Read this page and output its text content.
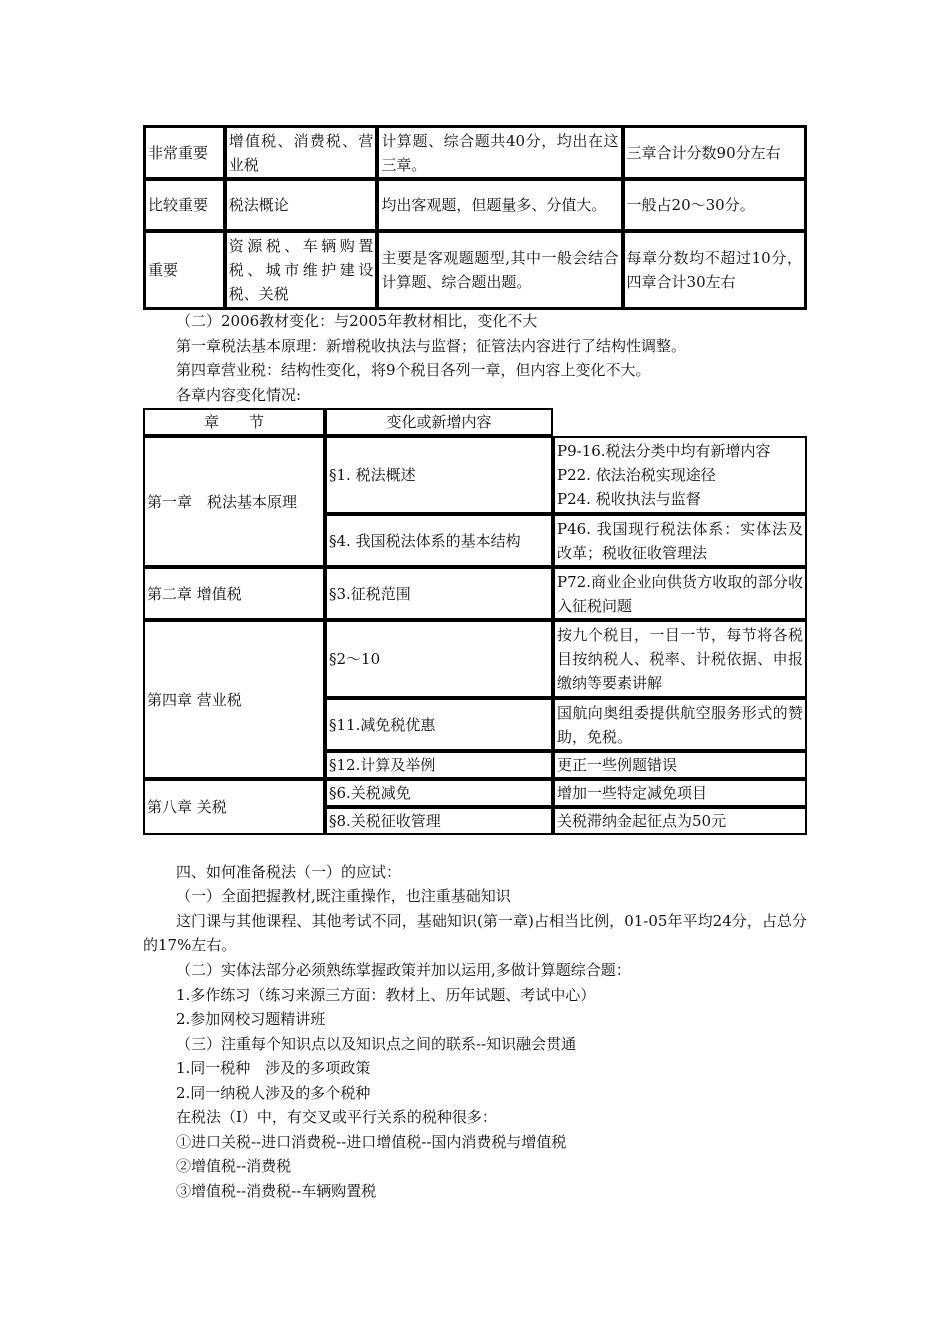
非常重要	增值税、消费税、营业税	计算题、综合题共40分，均出在这三章。	三章合计分数90分左右
比较重要	税法概论	均出客观题，但题量多、分值大。	一般占20～30分。
重要	资源税、车辆购置税、城市维护建设税、关税	主要是客观题题型,其中一般会结合计算题、综合题出题。	每章分数均不超过10分，四章合计30左右
（二）2006教材变化：与2005年教材相比，变化不大
第一章税法基本原理：新增税收执法与监督；征管法内容进行了结构性调整。
第四章营业税：结构性变化，将9个税目各列一章，但内容上变化不大。
各章内容变化情况:
章　　节	变化或新增内容	
第一章　税法基本原理	§1. 税法概述	P9-16.税法分类中均有新增内容
P22. 依法治税实现途径
P24. 税收执法与监督

	§4. 我国税法体系的基本结构	P46. 我国现行税法体系：实体法及改革；税收征收管理法
第二章 增值税	§3.征税范围	P72.商业企业向供货方收取的部分收入征税问题
第四章 营业税	§2～10	按九个税目，一目一节，每节将各税目按纳税人、税率、计税依据、申报缴纳等要素讲解
	§11.减免税优惠	国航向奥组委提供航空服务形式的赞助，免税。
	§12.计算及举例	更正一些例题错误
第八章 关税	§6.关税减免	增加一些特定减免项目
	§8.关税征收管理	关税滞纳金起征点为50元
四、如何准备税法（一）的应试：
（一）全面把握教材,既注重操作，也注重基础知识
这门课与其他课程、其他考试不同，基础知识(第一章)占相当比例，01-05年平均24分，占总分的17%左右。
（二）实体法部分必须熟练掌握政策并加以运用,多做计算题综合题：
1.多作练习（练习来源三方面：教材上、历年试题、考试中心）
2.参加网校习题精讲班
（三）注重每个知识点以及知识点之间的联系--知识融会贯通
1.同一税种　涉及的多项政策
2.同一纳税人涉及的多个税种
在税法（Ⅰ）中，有交叉或平行关系的税种很多：
①进口关税--进口消费税--进口增值税--国内消费税与增值税
②增值税--消费税
③增值税--消费税--车辆购置税
